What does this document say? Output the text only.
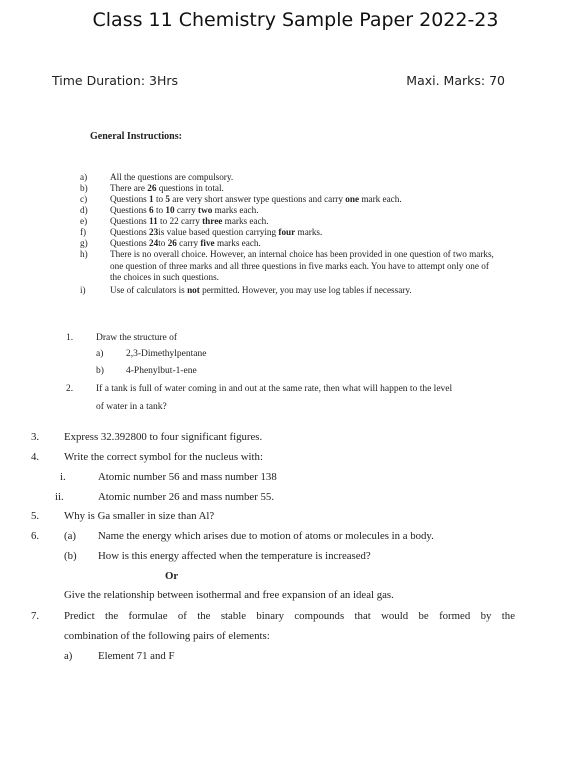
Class 11 Chemistry Sample Paper 2022-23
Time Duration: 3Hrs	Maxi. Marks: 70
General Instructions:
a)	All the questions are compulsory.
b)	There are 26 questions in total.
c)	Questions 1 to 5 are very short answer type questions and carry one mark each.
d)	Questions 6 to 10 carry two marks each.
e)	Questions 11 to 22 carry three marks each.
f)	Questions 23is value based question carrying four marks.
g)	Questions 24to 26 carry five marks each.
h)	There is no overall choice. However, an internal choice has been provided in one question of two marks, one question of three marks and all three questions in five marks each. You have to attempt only one of the choices in such questions.
i)	Use of calculators is not permitted. However, you may use log tables if necessary.
1. Draw the structure of
a) 2,3-Dimethylpentane
b) 4-Phenylbut-1-ene
2. If a tank is full of water coming in and out at the same rate, then what will happen to the level
of water in a tank?
3. Express 32.392800 to four significant figures.
4. Write the correct symbol for the nucleus with:
i.	Atomic number 56 and mass number 138
ii.	Atomic number 26 and mass number 55.
5. Why is Ga smaller in size than Al?
6. (a) Name the energy which arises due to motion of atoms or molecules in a body.
(b) How is this energy affected when the temperature is increased?
Or
Give the relationship between isothermal and free expansion of an ideal gas.
7. Predict the formulae of the stable binary compounds that would be formed by the
combination of the following pairs of elements:
a) Element 71 and F
